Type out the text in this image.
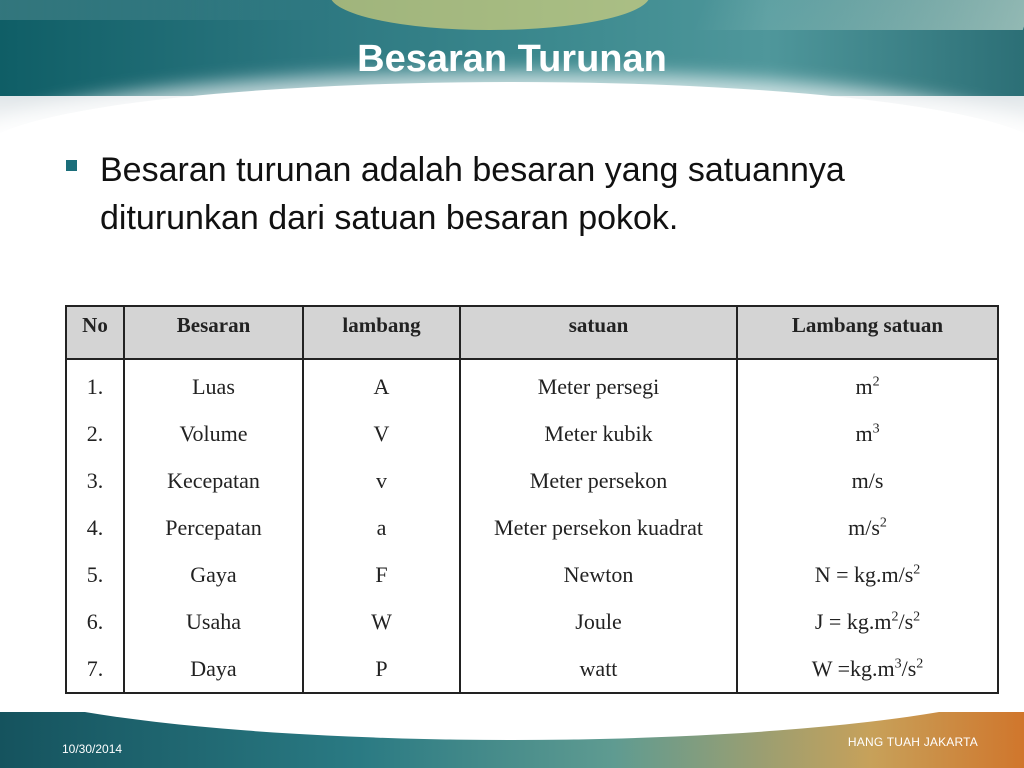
Besaran Turunan
Besaran turunan adalah besaran yang satuannya diturunkan dari satuan besaran pokok.
No	Besaran	lambang	satuan	Lambang satuan
1.	Luas	A	Meter persegi	$m^2$
2.	Volume	V	Meter kubik	$m^3$
3.	Kecepatan	v	Meter persekon	m/s
4.	Percepatan	a	Meter persekon kuadrat	$m/s^2$
5.	Gaya	F	Newton	$N = kg.m/s^2$
6.	Usaha	W	Joule	$J = kg.m^2/s^2$
7.	Daya	P	watt	$W =kg.m^3/s^2$
10/30/2014	HANG TUAH JAKARTA
